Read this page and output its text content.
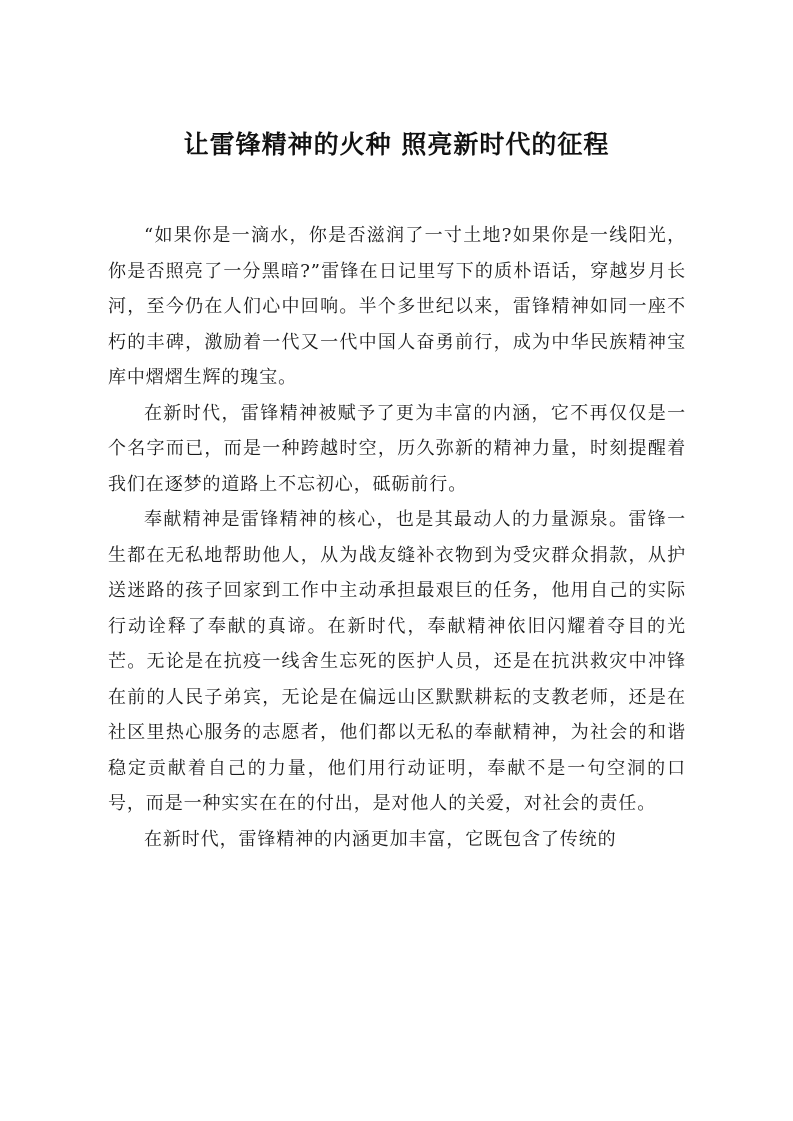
让雷锋精神的火种 照亮新时代的征程

“如果你是一滴水，你是否滋润了一寸土地?如果你是一线阳光，你是否照亮了一分黑暗?”雷锋在日记里写下的质朴语话，穿越岁月长河，至今仍在人们心中回响。半个多世纪以来，雷锋精神如同一座不朽的丰碑，激励着一代又一代中国人奋勇前行，成为中华民族精神宝库中熠熠生辉的瑰宝。

在新时代，雷锋精神被赋予了更为丰富的内涵，它不再仅仅是一个名字而已，而是一种跨越时空，历久弥新的精神力量，时刻提醒着我们在逐梦的道路上不忘初心，砥砺前行。

奉献精神是雷锋精神的核心，也是其最动人的力量源泉。雷锋一生都在无私地帮助他人，从为战友缝补衣物到为受灾群众捐款，从护送迷路的孩子回家到工作中主动承担最艰巨的任务，他用自己的实际行动诠释了奉献的真谛。在新时代，奉献精神依旧闪耀着夺目的光芒。无论是在抗疫一线舍生忘死的医护人员，还是在抗洪救灾中冲锋在前的人民子弟宾，无论是在偏远山区默默耕耘的支教老师，还是在社区里热心服务的志愿者，他们都以无私的奉献精神，为社会的和谐稳定贡献着自己的力量，他们用行动证明，奉献不是一句空洞的口号，而是一种实实在在的付出，是对他人的关爱，对社会的责任。

在新时代，雷锋精神的内涵更加丰富，它既包含了传统的
